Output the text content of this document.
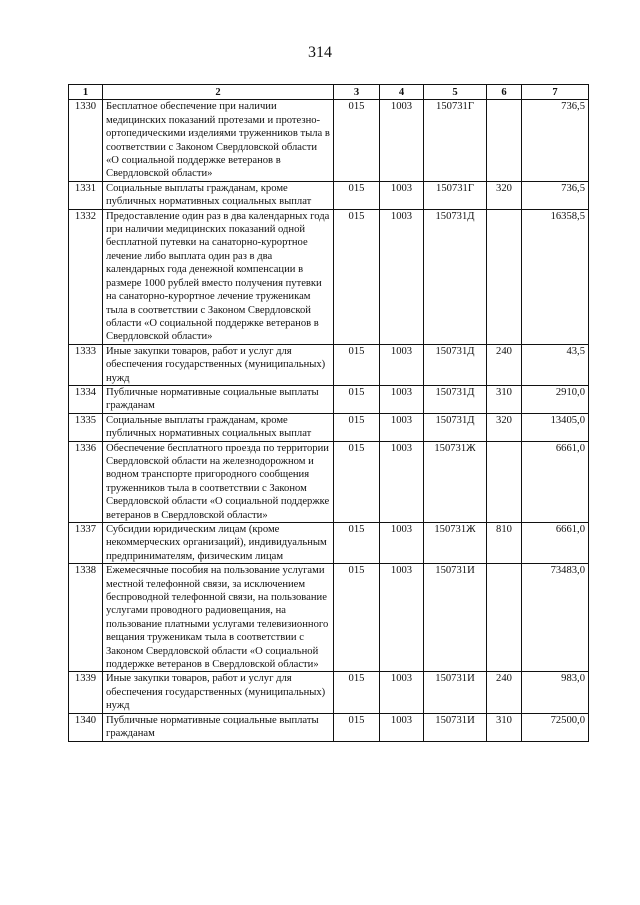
314
1	2	3	4	5	6	7
1330	Бесплатное обеспечение при наличии медицинских показаний протезами и протезно-ортопедическими изделиями труженников тыла в соответствии с Законом Свердловской области «О социальной поддержке ветеранов в Свердловской области»	015	1003	150731Г		736,5
1331	Социальные выплаты гражданам, кроме публичных нормативных социальных выплат	015	1003	150731Г	320	736,5
1332	Предоставление один раз в два календарных года при наличии медицинских показаний одной бесплатной путевки на санаторно-курортное лечение либо выплата один раз в два календарных года денежной компенсации в размере 1000 рублей вместо получения путевки на санаторно-курортное лечение труженикам тыла в соответствии с Законом Свердловской области «О социальной поддержке ветеранов в Свердловской области»	015	1003	150731Д		16358,5
1333	Иные закупки товаров, работ и услуг для обеспечения государственных (муниципальных) нужд	015	1003	150731Д	240	43,5
1334	Публичные нормативные социальные выплаты гражданам	015	1003	150731Д	310	2910,0
1335	Социальные выплаты гражданам, кроме публичных нормативных социальных выплат	015	1003	150731Д	320	13405,0
1336	Обеспечение бесплатного проезда по территории Свердловской области на железнодорожном и водном транспорте пригородного сообщения труженников тыла в соответствии с Законом Свердловской области «О социальной поддержке ветеранов в Свердловской области»	015	1003	150731Ж		6661,0
1337	Субсидии юридическим лицам (кроме некоммерческих организаций), индивидуальным предпринимателям, физическим лицам	015	1003	150731Ж	810	6661,0
1338	Ежемесячные пособия на пользование услугами местной телефонной связи, за исключением беспроводной телефонной связи, на пользование услугами проводного радиовещания, на пользование платными услугами телевизионного вещания труженикам тыла в соответствии с Законом Свердловской области «О социальной поддержке ветеранов в Свердловской области»	015	1003	150731И		73483,0
1339	Иные закупки товаров, работ и услуг для обеспечения государственных (муниципальных) нужд	015	1003	150731И	240	983,0
1340	Публичные нормативные социальные выплаты гражданам	015	1003	150731И	310	72500,0
